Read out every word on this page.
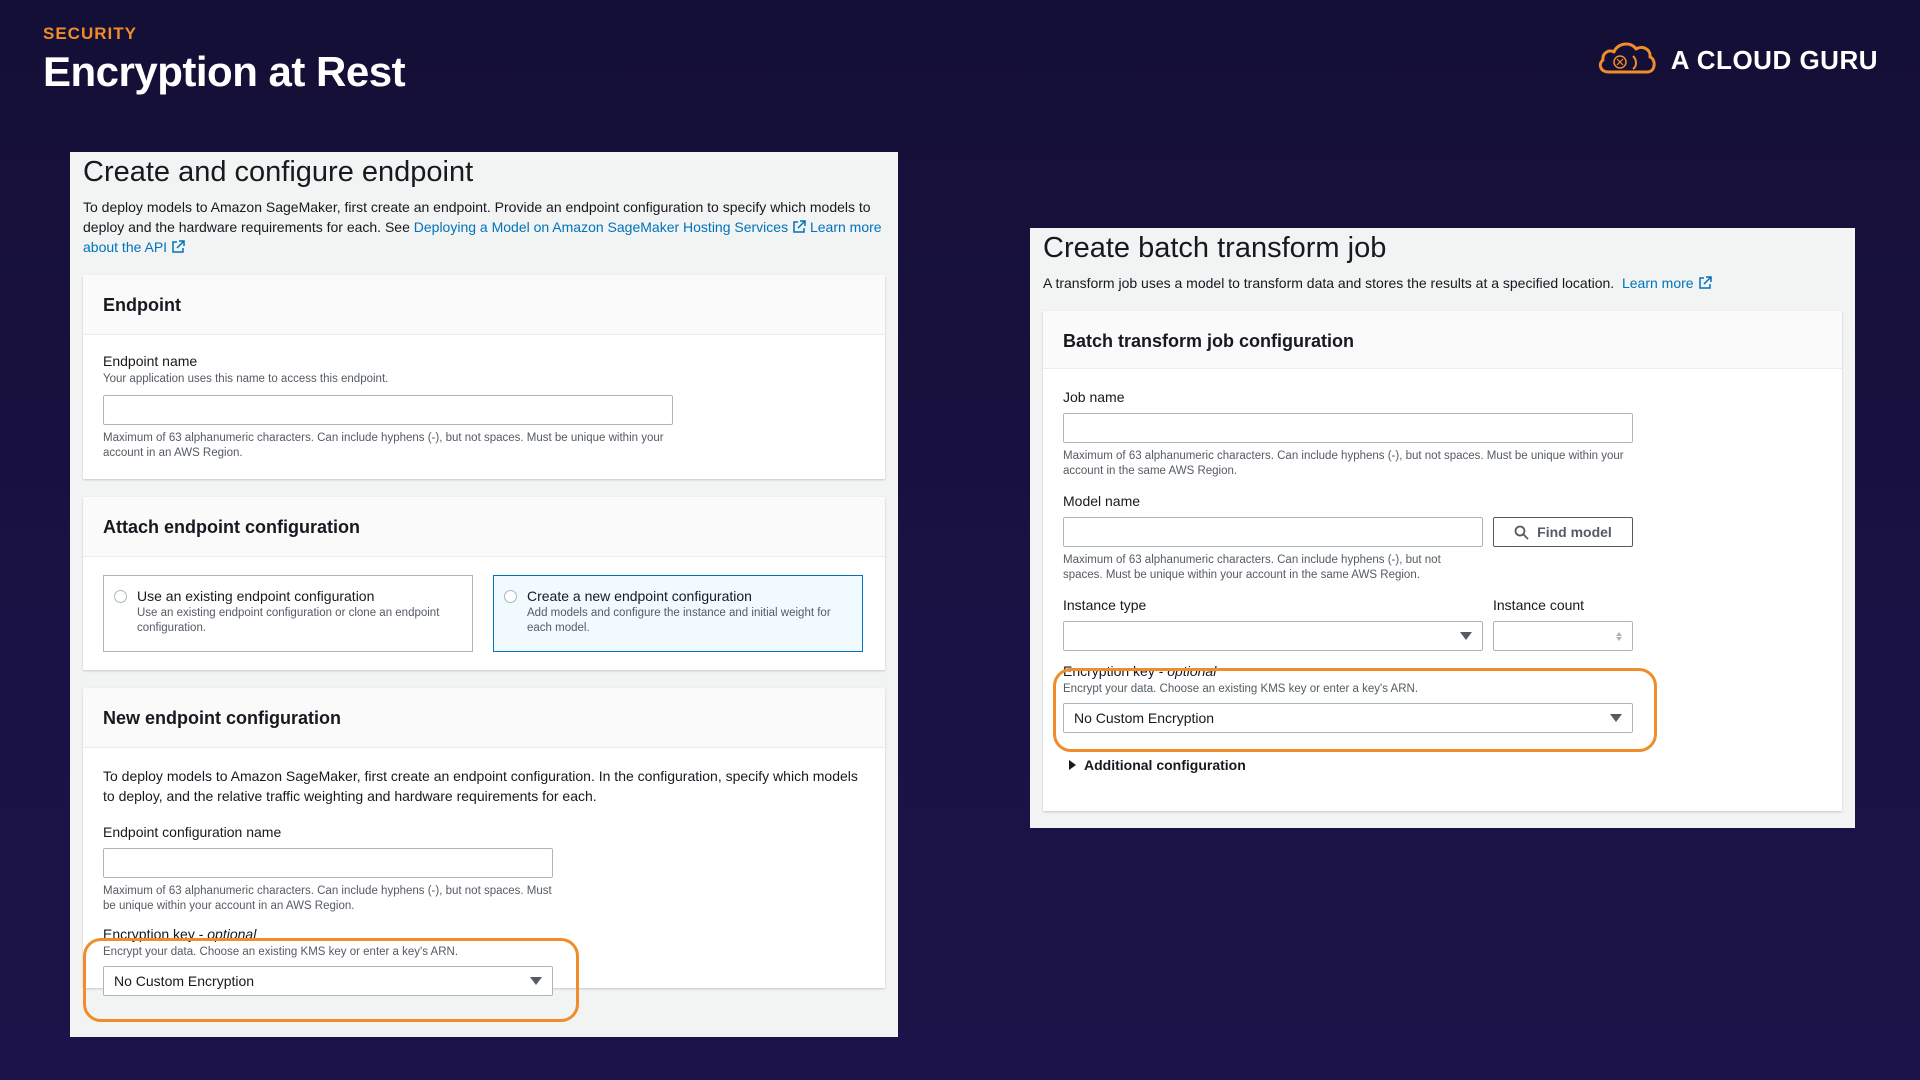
SECURITY
Encryption at Rest	A CLOUD GURU
Create and configure endpoint

To deploy models to Amazon SageMaker, first create an endpoint. Provide an endpoint configuration to specify which models to deploy and the hardware requirements for each. See Deploying a Model on Amazon SageMaker Hosting Services Learn more about the API

Endpoint
Endpoint name
Your application uses this name to access this endpoint.
Maximum of 63 alphanumeric characters. Can include hyphens (-), but not spaces. Must be unique within your account in an AWS Region.
Attach endpoint configuration
Use an existing endpoint configuration
Use an existing endpoint configuration or clone an endpoint configuration.
Create a new endpoint configuration
Add models and configure the instance and initial weight for each model.
New endpoint configuration

To deploy models to Amazon SageMaker, first create an endpoint configuration. In the configuration, specify which models to deploy, and the relative traffic weighting and hardware requirements for each.

Endpoint configuration name
Maximum of 63 alphanumeric characters. Can include hyphens (-), but not spaces. Must be unique within your account in an AWS Region.
Encryption key - optional
Encrypt your data. Choose an existing KMS key or enter a key's ARN.
No Custom Encryption
Create batch transform job

A transform job uses a model to transform data and stores the results at a specified location. Learn more

Batch transform job configuration
Job name
Maximum of 63 alphanumeric characters. Can include hyphens (-), but not spaces. Must be unique within your account in the same AWS Region.
Model name
Find model
Maximum of 63 alphanumeric characters. Can include hyphens (-), but not spaces. Must be unique within your account in the same AWS Region.
Instance type	Instance count
Encryption key - optional
Encrypt your data. Choose an existing KMS key or enter a key's ARN.
No Custom Encryption
Additional configuration
